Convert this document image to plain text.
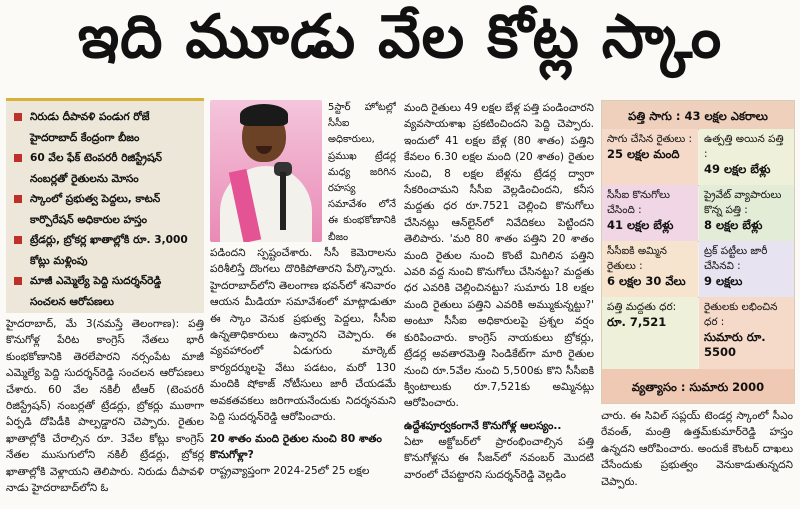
ఇది మూడు వేల కోట్ల స్కాం
నిరుడు దీపావళి పండుగ రోజే హైదరాబాద్ కేంద్రంగా బీజం
60 వేల ఫేక్ టెంపరరీ రిజిస్ట్రేషన్ నంబర్లతో రైతులను మోసం
స్కాంలో ప్రభుత్వ పెద్దలు, కాటన్ కార్పొరేషన్ అధికారుల హస్తం
ట్రేడర్లు, బ్రోకర్ల ఖాతాల్లోకి రూ. 3,000 కోట్లు మళ్లింపు
మాజీ ఎమ్మెల్యే పెద్ది సుదర్శన్‌రెడ్డి సంచలన ఆరోపణలు

హైదరాబాద్, మే 3(నమస్తే తెలంగాణ): పత్తి కొనుగోళ్ల పేరిట కాంగ్రెస్ నేతలు భారీ కుంభకోణానికి తెరలేపారని నర్సంపేట మాజీ ఎమ్మెల్యే పెద్ది సుదర్శన్‌రెడ్డి సంచలన ఆరోపణలు చేశారు. 60 వేల నకిలీ టీఆర్ (టెంపరరీ రిజిస్ట్రేషన్) నంబర్లతో ట్రేడర్లు, బ్రోకర్లు ముఠాగా ఏర్పడి దోపిడీకి పాల్పడ్డారని చెప్పారు. రైతుల ఖాతాల్లోకి చేరాల్సిన రూ. 3వేల కోట్లు కాంగ్రెస్ నేతల ముసుగులోని నకిలీ ట్రేడర్లు, బ్రోకర్ల ఖాతాల్లోకి వెళ్లాయని తెలిపారు. నిరుడు దీపావళి నాడు హైదరాబాద్‌లోని ఓ

5స్టార్ హోటల్లో సీసీఐ అధికారులు, ప్రముఖ ట్రేడర్ల మధ్య జరిగిన రహస్య సమావేశం లోనే ఈ కుంభకోణానికి బీజం

పడిందని స్పష్టంచేశారు. సీసీ కెమెరాలను పరిశీలిస్తే దొంగలు దొరికిపోతారని పేర్కొన్నారు. హైదరాబాద్‌లోని తెలంగాణ భవన్‌లో శనివారం ఆయన మీడియా సమావేశంలో మాట్లాడుతూ ఈ స్కాం వెనుక ప్రభుత్వ పెద్దలు, సీసీఐ ఉన్నతాధికారులు ఉన్నారని చెప్పారు. ఈ వ్యవహారంలో ఏడుగురు మార్కెట్ కార్యదర్శులపై వేటు పడటం, మరో 130 మందికి షోకాజ్ నోటీసులు జారీ చేయడమే అవకతవకలు జరిగాయనేందుకు నిదర్శనమని పెద్ది సుదర్శన్‌రెడ్డి ఆరోపించారు.

20 శాతం మంది రైతుల నుంచి 80 శాతం కొనుగోళ్లా?

రాష్ట్రవ్యాప్తంగా 2024-25లో 25 లక్షల

మంది రైతులు 49 లక్షల బేళ్ల పత్తి పండించారని వ్యవసాయశాఖ ప్రకటించిందని పెద్ది చెప్పారు. ఇందులో 41 లక్షల బేళ్ల (80 శాతం) పత్తిని కేవలం 6.30 లక్షల మంది (20 శాతం) రైతుల నుంచి, 8 లక్షల బేళ్లను ట్రేడర్ల ద్వారా సేకరించామని సీసీఐ వెల్లడించిందని, కనీస మద్దతు ధర రూ.7521 చెల్లించి కొనుగోలు చేసినట్లు ఆన్‌లైన్‌లో నివేదికలు పెట్టిందని తెలిపారు. 'మరి 80 శాతం పత్తిని 20 శాతం మంది రైతుల నుంచి కొంటే మిగిలిన పత్తిని ఎవరి వద్ద నుంచి కొనుగోలు చేసినట్టు? మద్దతు ధర ఎవరికి చెల్లించినట్టు? సుమారు 18 లక్షల మంది రైతులు పత్తిని ఎవరికి అమ్ముకున్నట్టు?' అంటూ సీసీఐ అధికారులపై ప్రశ్నల వర్షం కురిపించారు. కాంగ్రెస్ నాయకులు బ్రోకర్లు, ట్రేడర్ల అవతారమెత్తి సిండికేట్‌గా మారి రైతుల నుంచి రూ.5వేల నుంచి 5,500కు కొని సీసీఐకి క్వింటాలుకు రూ.7,521కు అమ్మినట్లు ఆరోపించారు.

ఉద్దేశపూర్వకంగానే కొనుగోళ్ల ఆలస్యం..

ఏటా అక్టోబర్‌లో ప్రారంభించాల్సిన పత్తి కొనుగోళ్లను ఈ సీజన్‌లో నవంబర్ మొదటి వారంలో చేపట్టారని సుదర్శన్‌రెడ్డి వెల్లడిం

పత్తి సాగు : 43 లక్షల ఎకరాలు
సాగు చేసిన రైతులు :
25 లక్షల మంది
ఉత్పత్తి అయిన పత్తి :
49 లక్షల బేళ్లు
సీసీఐ కొనుగోలు చేసింది :
41 లక్షల బేళ్లు
ప్రైవేట్ వ్యాపారులు కొన్న పత్తి :
8 లక్షల బేళ్లు
సీసీఐకి అమ్మిన రైతులు :
6 లక్షల 30 వేలు
ట్రక్ పట్టీలు జారీ చేసినవి :
9 లక్షలు
పత్తి మద్దతు ధర:
రూ. 7,521
రైతులకు లభించిన ధర :
సుమారు రూ. 5500
వ్యత్యాసం : సుమారు 2000

చారు. ఈ సివిల్ సప్లయ్ టెండర్ల స్కాంలో సీఎం రేవంత్, మంత్రి ఉత్తమ్‌కుమార్‌రెడ్డి హస్తం ఉన్నదని ఆరోపించారు. అందుకే కౌంటర్ దాఖలు చేసేందుకు ప్రభుత్వం వెనుకాడుతున్నదని చెప్పారు.
